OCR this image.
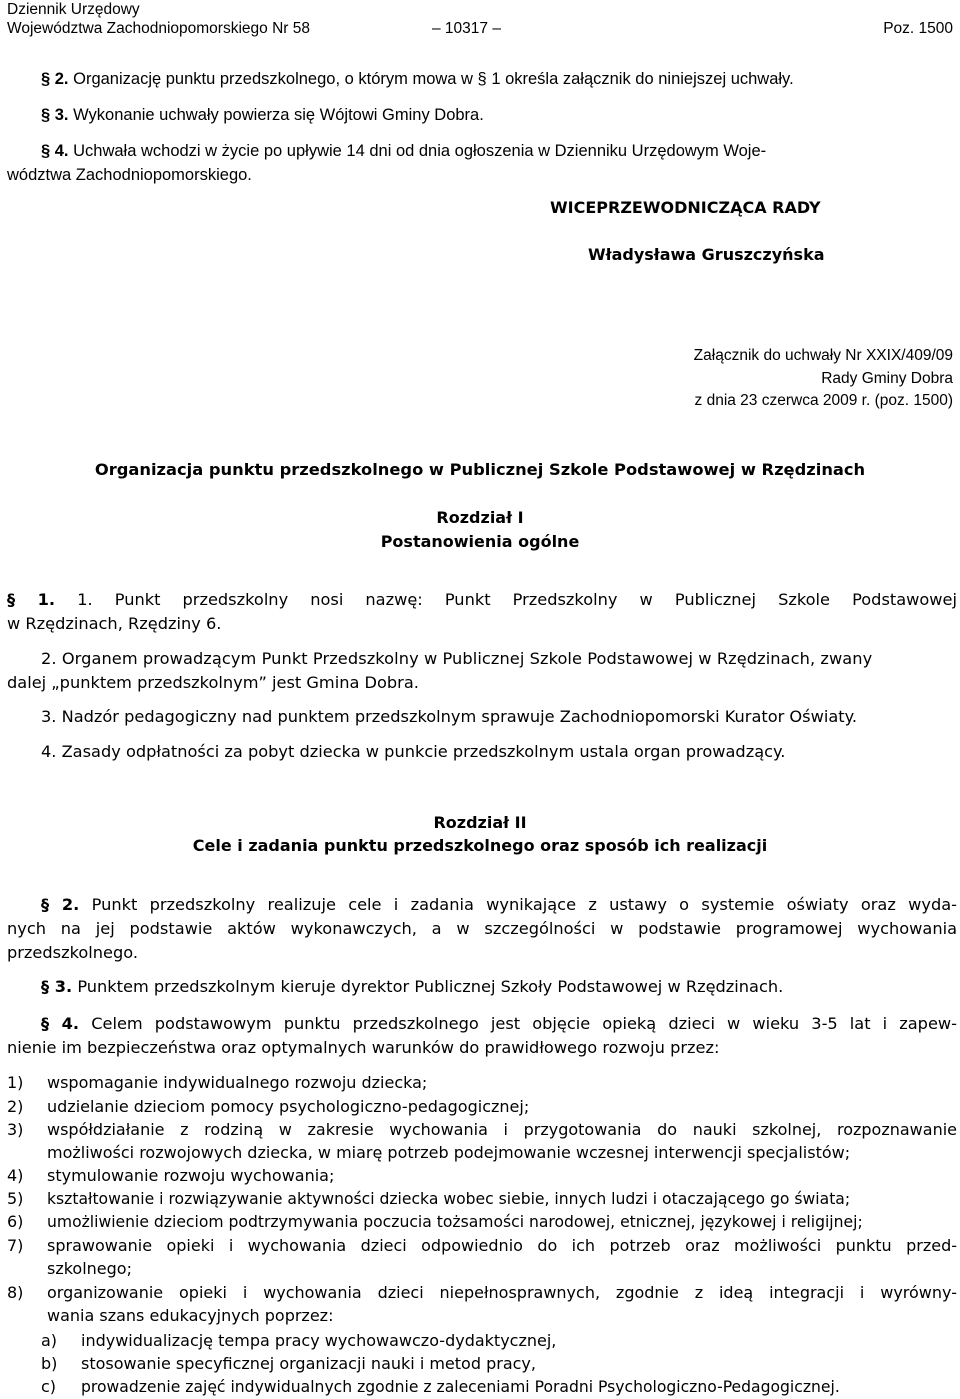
Dziennik Urzędowy
Województwa Zachodniopomorskiego Nr 58	– 10317 –	Poz. 1500
§ 2. Organizację punktu przedszkolnego, o którym mowa w § 1 określa załącznik do niniejszej uchwały.
§ 3. Wykonanie uchwały powierza się Wójtowi Gminy Dobra.
§ 4. Uchwała wchodzi w życie po upływie 14 dni od dnia ogłoszenia w Dzienniku Urzędowym Woje-
wództwa Zachodniopomorskiego.
WICEPRZEWODNICZĄCA RADY
Władysława Gruszczyńska
Załącznik do uchwały Nr XXIX/409/09
Rady Gminy Dobra
z dnia 23 czerwca 2009 r. (poz. 1500)
Organizacja punktu przedszkolnego w Publicznej Szkole Podstawowej w Rzędzinach
Rozdział I
Postanowienia ogólne
§ 1. 1. Punkt przedszkolny nosi nazwę: Punkt Przedszkolny w Publicznej Szkole Podstawowej
w Rzędzinach, Rzędziny 6.
2. Organem prowadzącym Punkt Przedszkolny w Publicznej Szkole Podstawowej w Rzędzinach, zwany
dalej „punktem przedszkolnym” jest Gmina Dobra.
3. Nadzór pedagogiczny nad punktem przedszkolnym sprawuje Zachodniopomorski Kurator Oświaty.
4. Zasady odpłatności za pobyt dziecka w punkcie przedszkolnym ustala organ prowadzący.
Rozdział II
Cele i zadania punktu przedszkolnego oraz sposób ich realizacji
§ 2. Punkt przedszkolny realizuje cele i zadania wynikające z ustawy o systemie oświaty oraz wyda-
nych na jej podstawie aktów wykonawczych, a w szczególności w podstawie programowej wychowania
przedszkolnego.
§ 3. Punktem przedszkolnym kieruje dyrektor Publicznej Szkoły Podstawowej w Rzędzinach.
§ 4. Celem podstawowym punktu przedszkolnego jest objęcie opieką dzieci w wieku 3-5 lat i zapew-
nienie im bezpieczeństwa oraz optymalnych warunków do prawidłowego rozwoju przez:
1)	wspomaganie indywidualnego rozwoju dziecka;
2)	udzielanie dzieciom pomocy psychologiczno-pedagogicznej;
3)	współdziałanie z rodziną w zakresie wychowania i przygotowania do nauki szkolnej, rozpoznawanie
możliwości rozwojowych dziecka, w miarę potrzeb podejmowanie wczesnej interwencji specjalistów;
4)	stymulowanie rozwoju wychowania;
5)	kształtowanie i rozwiązywanie aktywności dziecka wobec siebie, innych ludzi i otaczającego go świata;
6)	umożliwienie dzieciom podtrzymywania poczucia tożsamości narodowej, etnicznej, językowej i religijnej;
7)	sprawowanie opieki i wychowania dzieci odpowiednio do ich potrzeb oraz możliwości punktu przed-
szkolnego;
8)	organizowanie opieki i wychowania dzieci niepełnosprawnych, zgodnie z ideą integracji i wyrówny-
wania szans edukacyjnych poprzez:
a)	indywidualizację tempa pracy wychowawczo-dydaktycznej,
b)	stosowanie specyficznej organizacji nauki i metod pracy,
c)	prowadzenie zajęć indywidualnych zgodnie z zaleceniami Poradni Psychologiczno-Pedagogicznej.
